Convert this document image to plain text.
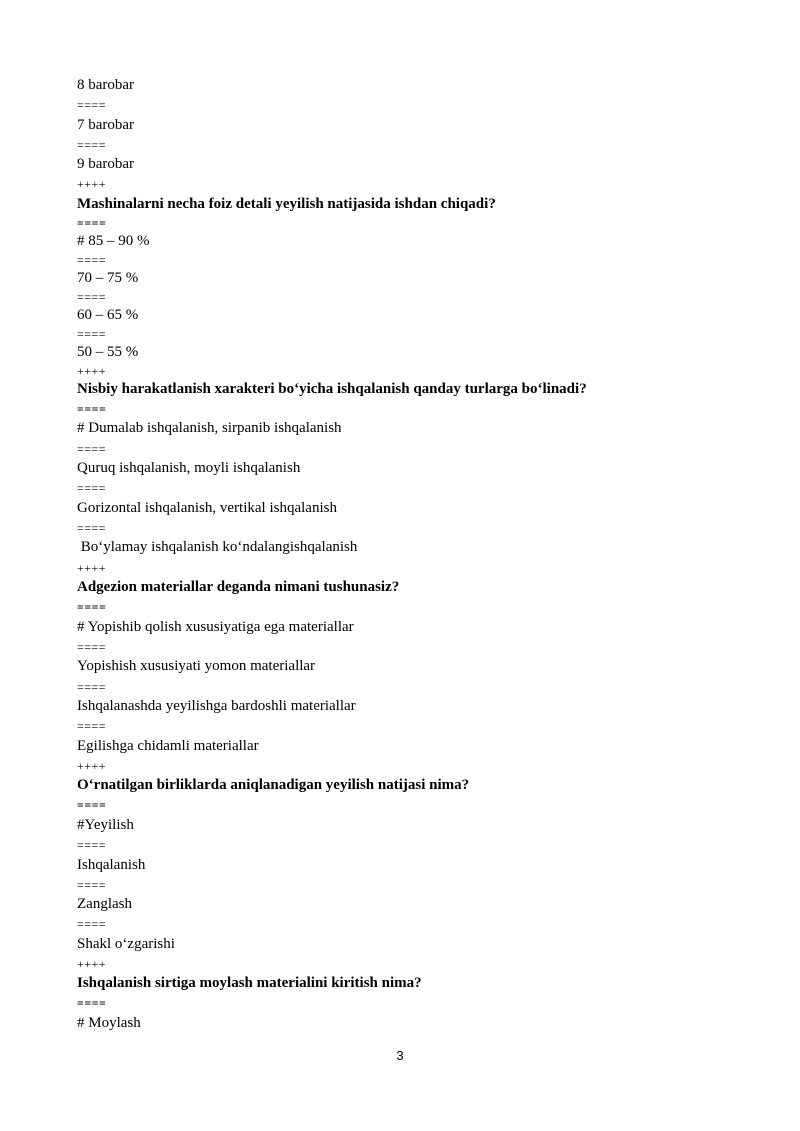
8 barobar
====
7 barobar
====
9 barobar
++++
Mashinalarni necha foiz detali yeyilish natijasida ishdan chiqadi?
====
# 85 – 90 %
====
70 – 75 %
====
60 – 65 %
====
50 – 55 %
++++
Nisbiy harakatlanish xarakteri bo‘yicha ishqalanish qanday turlarga bo‘linadi?
====
# Dumalab ishqalanish, sirpanib ishqalanish
====
Quruq ishqalanish, moyli ishqalanish
====
Gorizontal ishqalanish, vertikal ishqalanish
====
Bo‘ylamay ishqalanish ko‘ndalangishqalanish
++++
Adgezion materiallar deganda nimani tushunasiz?
====
# Yopishib qolish xususiyatiga ega materiallar
====
Yopishish xususiyati yomon materiallar
====
Ishqalanashda yeyilishga bardoshli materiallar
====
Egilishga chidamli materiallar
++++
O‘rnatilgan birliklarda aniqlanadigan yeyilish natijasi nima?
====
#Yeyilish
====
Ishqalanish
====
Zanglash
====
Shakl o‘zgarishi
++++
Ishqalanish sirtiga moylash materialini kiritish nima?
====
# Moylash
3
